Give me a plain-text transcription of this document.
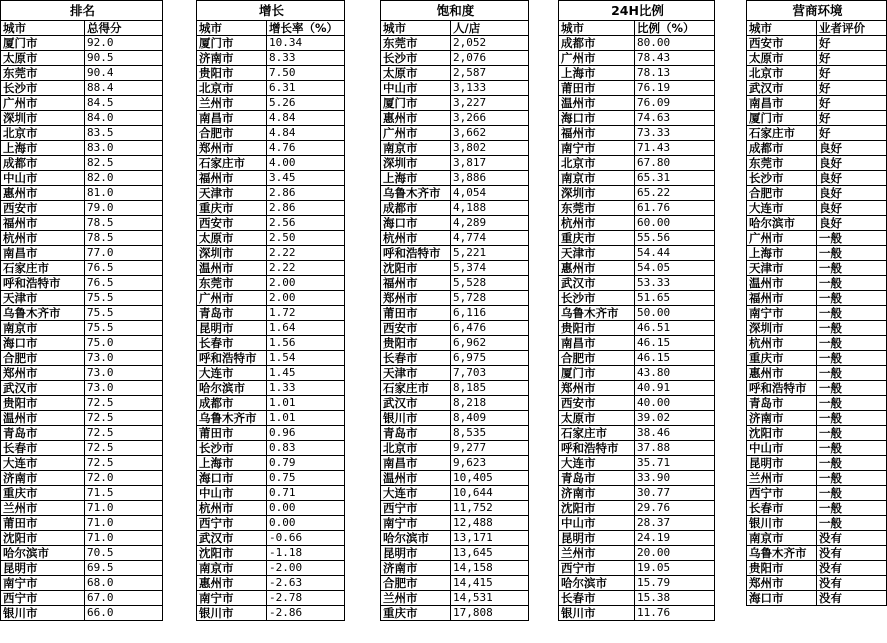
排名	
城市	总得分
厦门市	92.0
太原市	90.5
东莞市	90.4
长沙市	88.4
广州市	84.5
深圳市	84.0
北京市	83.5
上海市	83.0
成都市	82.5
中山市	82.0
惠州市	81.0
西安市	79.0
福州市	78.5
杭州市	78.5
南昌市	77.0
石家庄市	76.5
呼和浩特市	76.5
天津市	75.5
乌鲁木齐市	75.5
南京市	75.5
海口市	75.0
合肥市	73.0
郑州市	73.0
武汉市	73.0
贵阳市	72.5
温州市	72.5
青岛市	72.5
长春市	72.5
大连市	72.5
济南市	72.0
重庆市	71.5
兰州市	71.0
莆田市	71.0
沈阳市	71.0
哈尔滨市	70.5
昆明市	69.5
南宁市	68.0
西宁市	67.0
银川市	66.0
增长	
城市	增长率（%）
厦门市	10.34
济南市	8.33
贵阳市	7.50
北京市	6.31
兰州市	5.26
南昌市	4.84
合肥市	4.84
郑州市	4.76
石家庄市	4.00
福州市	3.45
天津市	2.86
重庆市	2.86
西安市	2.56
太原市	2.50
深圳市	2.22
温州市	2.22
东莞市	2.00
广州市	2.00
青岛市	1.72
昆明市	1.64
长春市	1.56
呼和浩特市	1.54
大连市	1.45
哈尔滨市	1.33
成都市	1.01
乌鲁木齐市	1.01
莆田市	0.96
长沙市	0.83
上海市	0.79
海口市	0.75
中山市	0.71
杭州市	0.00
西宁市	0.00
武汉市	-0.66
沈阳市	-1.18
南京市	-2.00
惠州市	-2.63
南宁市	-2.78
银川市	-2.86
饱和度	
城市	人/店
东莞市	2,052
长沙市	2,076
太原市	2,587
中山市	3,133
厦门市	3,227
惠州市	3,266
广州市	3,662
南京市	3,802
深圳市	3,817
上海市	3,886
乌鲁木齐市	4,054
成都市	4,188
海口市	4,289
杭州市	4,774
呼和浩特市	5,221
沈阳市	5,374
福州市	5,528
郑州市	5,728
莆田市	6,116
西安市	6,476
贵阳市	6,962
长春市	6,975
天津市	7,703
石家庄市	8,185
武汉市	8,218
银川市	8,409
青岛市	8,535
北京市	9,277
南昌市	9,623
温州市	10,405
大连市	10,644
西宁市	11,752
南宁市	12,488
哈尔滨市	13,171
昆明市	13,645
济南市	14,158
合肥市	14,415
兰州市	14,531
重庆市	17,808
24H比例	
城市	比例（%）
成都市	80.00
广州市	78.43
上海市	78.13
莆田市	76.19
温州市	76.09
海口市	74.63
福州市	73.33
南宁市	71.43
北京市	67.80
南京市	65.31
深圳市	65.22
东莞市	61.76
杭州市	60.00
重庆市	55.56
天津市	54.44
惠州市	54.05
武汉市	53.33
长沙市	51.65
乌鲁木齐市	50.00
贵阳市	46.51
南昌市	46.15
合肥市	46.15
厦门市	43.80
郑州市	40.91
西安市	40.00
太原市	39.02
石家庄市	38.46
呼和浩特市	37.88
大连市	35.71
青岛市	33.90
济南市	30.77
沈阳市	29.76
中山市	28.37
昆明市	24.19
兰州市	20.00
西宁市	19.05
哈尔滨市	15.79
长春市	15.38
银川市	11.76
营商环境	
城市	业者评价
西安市	好
太原市	好
北京市	好
武汉市	好
南昌市	好
厦门市	好
石家庄市	好
成都市	良好
东莞市	良好
长沙市	良好
合肥市	良好
大连市	良好
哈尔滨市	良好
广州市	一般
上海市	一般
天津市	一般
温州市	一般
福州市	一般
南宁市	一般
深圳市	一般
杭州市	一般
重庆市	一般
惠州市	一般
呼和浩特市	一般
青岛市	一般
济南市	一般
沈阳市	一般
中山市	一般
昆明市	一般
兰州市	一般
西宁市	一般
长春市	一般
银川市	一般
南京市	没有
乌鲁木齐市	没有
贵阳市	没有
郑州市	没有
海口市	没有
